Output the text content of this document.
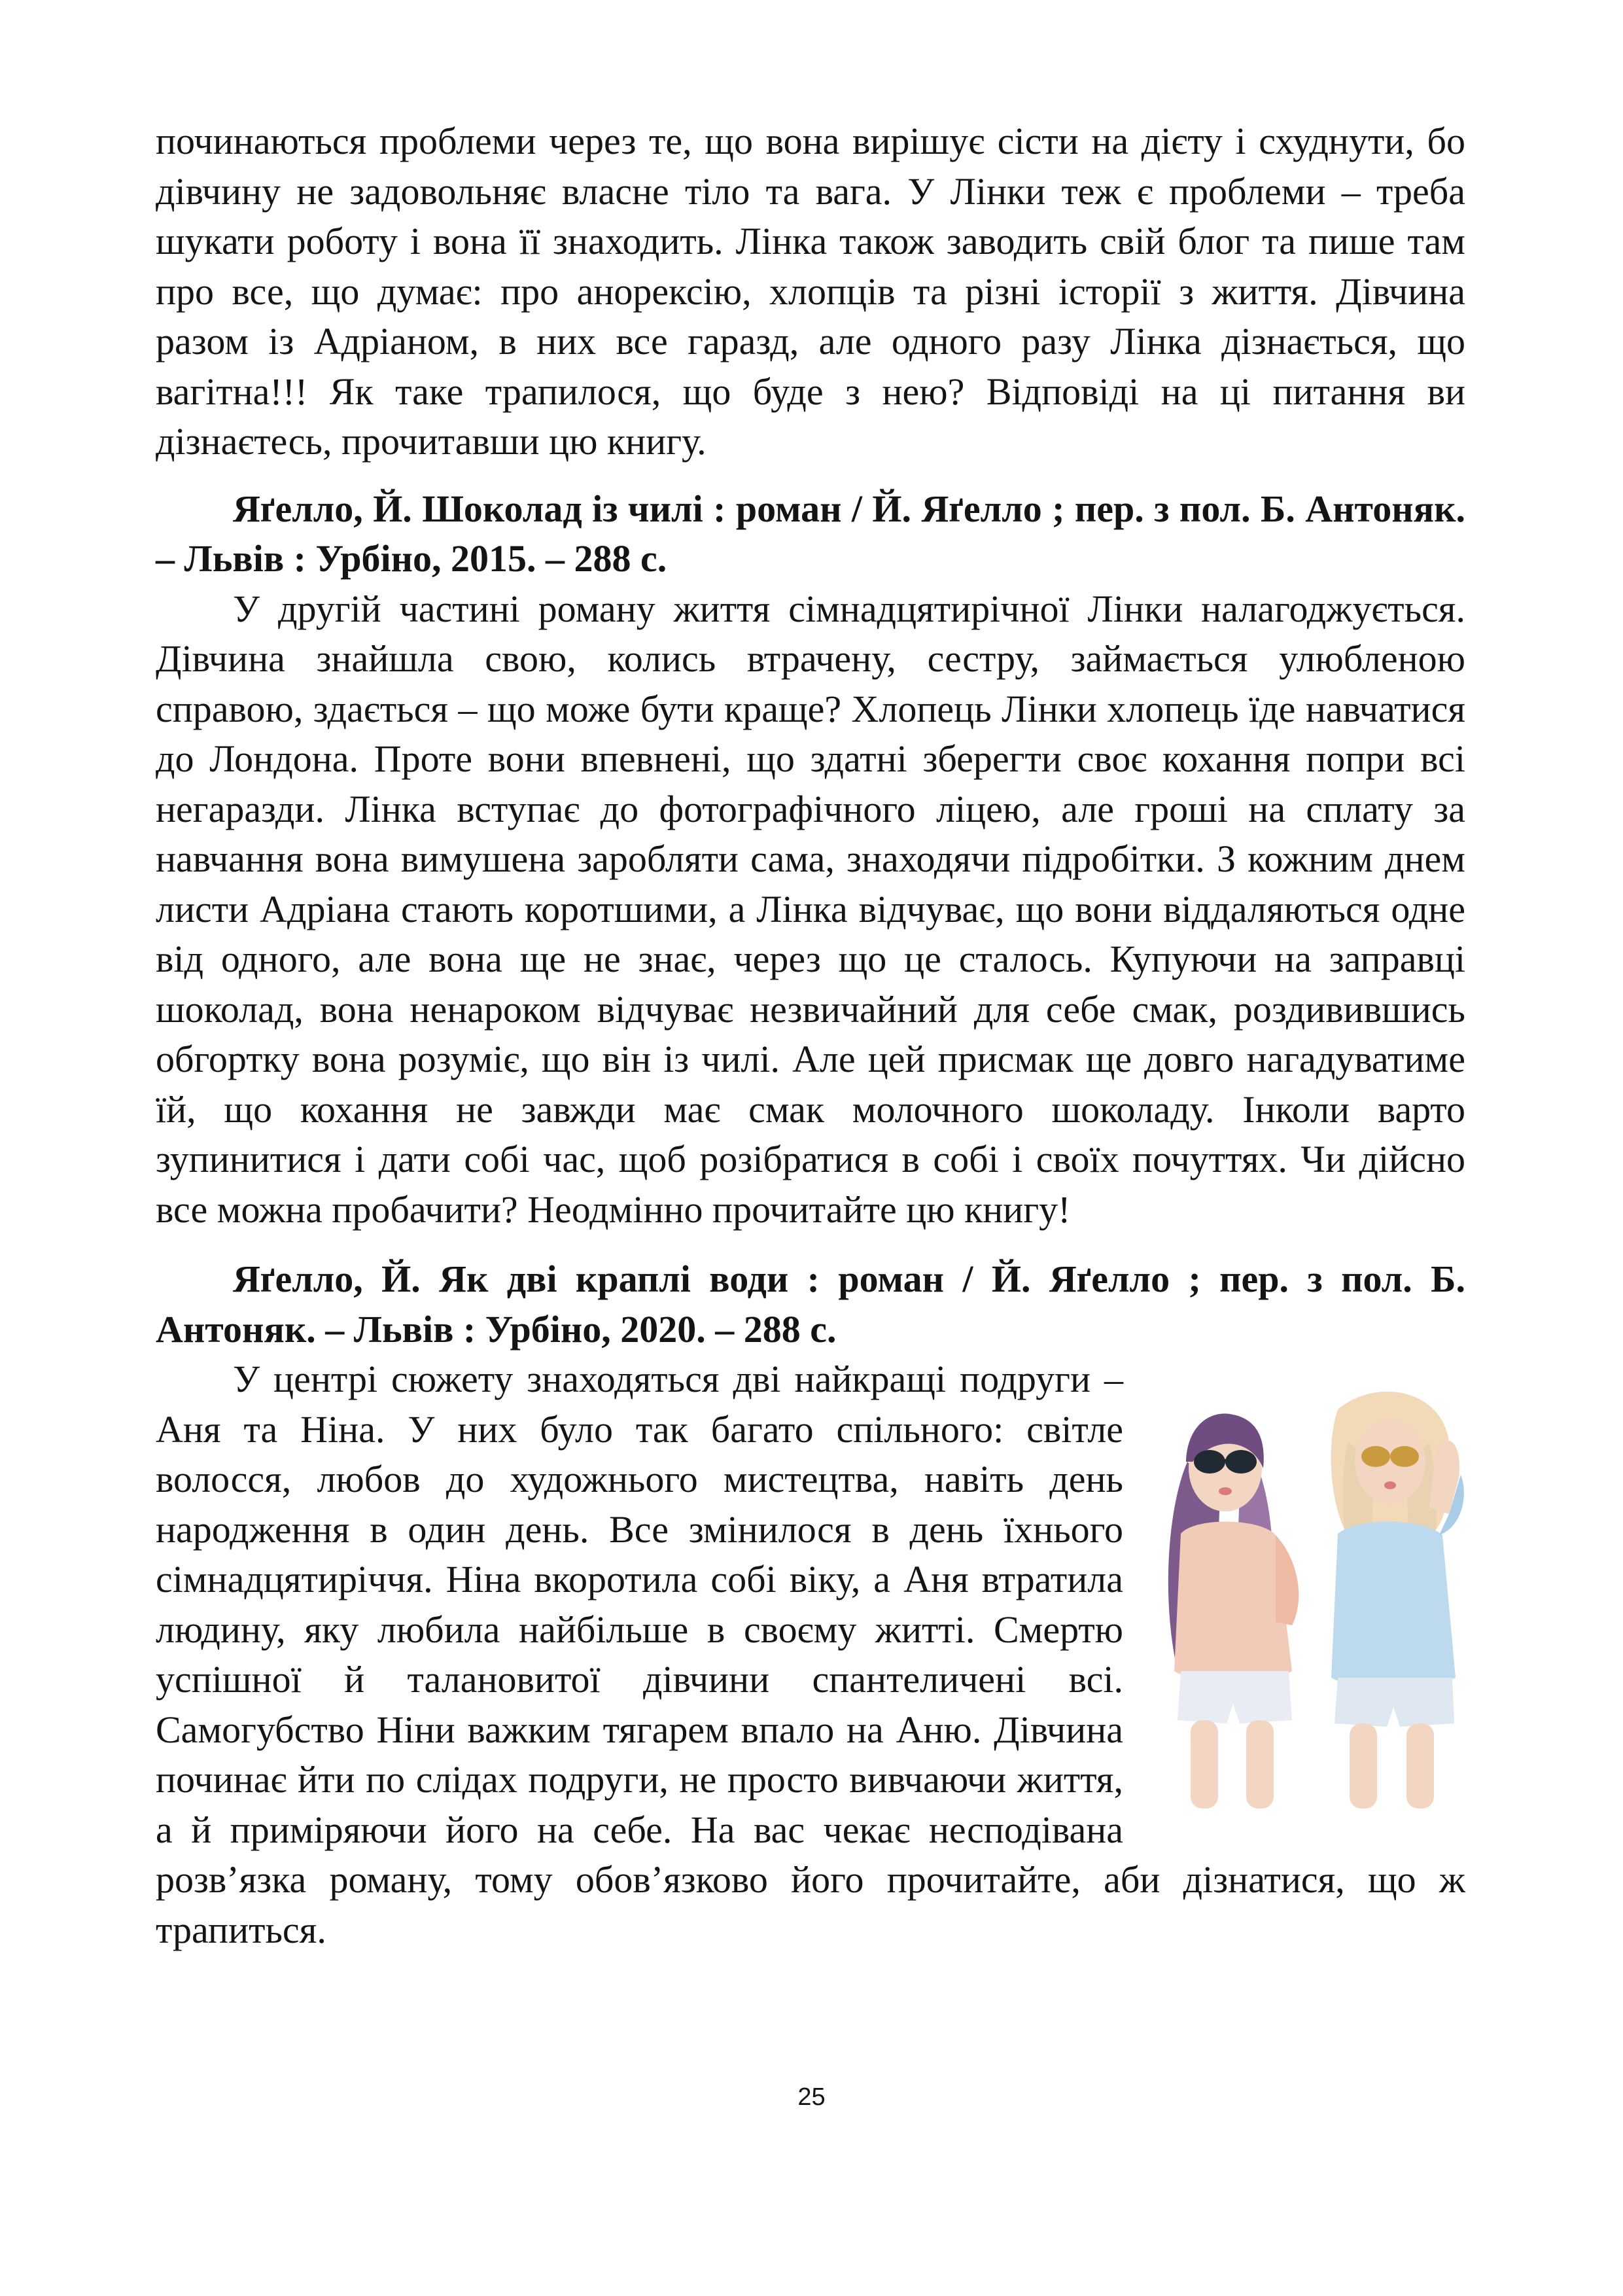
починаються проблеми через те, що вона вирішує сісти на дієту і схуднути, бо дівчину не задовольняє власне тіло та вага. У Лінки теж є проблеми – треба шукати роботу і вона її знаходить. Лінка також заводить свій блог та пише там про все, що думає: про анорексію, хлопців та різні історії з життя. Дівчина разом із Адріаном, в них все гаразд, але одного разу Лінка дізнається, що вагітна!!! Як таке трапилося, що буде з нею? Відповіді на ці питання ви дізнаєтесь, прочитавши цю книгу.

Яґелло, Й. Шоколад із чилі : роман / Й. Яґелло ; пер. з пол. Б. Антоняк. – Львів : Урбіно, 2015. – 288 с.

У другій частині роману життя сімнадцятирічної Лінки налагоджується. Дівчина знайшла свою, колись втрачену, сестру, займається улюбленою справою, здається – що може бути краще? Хлопець Лінки хлопець їде навчатися до Лондона. Проте вони впевнені, що здатні зберегти своє кохання попри всі негаразди. Лінка вступає до фотографічного ліцею, але гроші на сплату за навчання вона вимушена заробляти сама, знаходячи підробітки. З кожним днем листи Адріана стають коротшими, а Лінка відчуває, що вони віддаляються одне від одного, але вона ще не знає, через що це сталось. Купуючи на заправці шоколад, вона ненароком відчуває незвичайний для себе смак, роздивившись обгортку вона розуміє, що він із чилі. Але цей присмак ще довго нагадуватиме їй, що кохання не завжди має смак молочного шоколаду. Інколи варто зупинитися і дати собі час, щоб розібратися в собі і своїх почуттях. Чи дійсно все можна пробачити? Неодмінно прочитайте цю книгу!

Яґелло, Й. Як дві краплі води : роман / Й. Яґелло ; пер. з пол. Б. Антоняк. – Львів : Урбіно, 2020. – 288 с.

У центрі сюжету знаходяться дві найкращі подруги – Аня та Ніна. У них було так багато спільного: світле волосся, любов до художнього мистецтва, навіть день народження в один день. Все змінилося в день їхнього сімнадцятиріччя. Ніна вкоротила собі віку, а Аня втратила людину, яку любила найбільше в своєму житті. Смертю успішної й талановитої дівчини спантеличені всі. Самогубство Ніни важким тягарем впало на Аню. Дівчина починає йти по слідах подруги, не просто вивчаючи життя, а й приміряючи його на себе. На вас чекає несподівана розв’язка роману, тому обов’язково його прочитайте, аби дізнатися, що ж трапиться.

25
